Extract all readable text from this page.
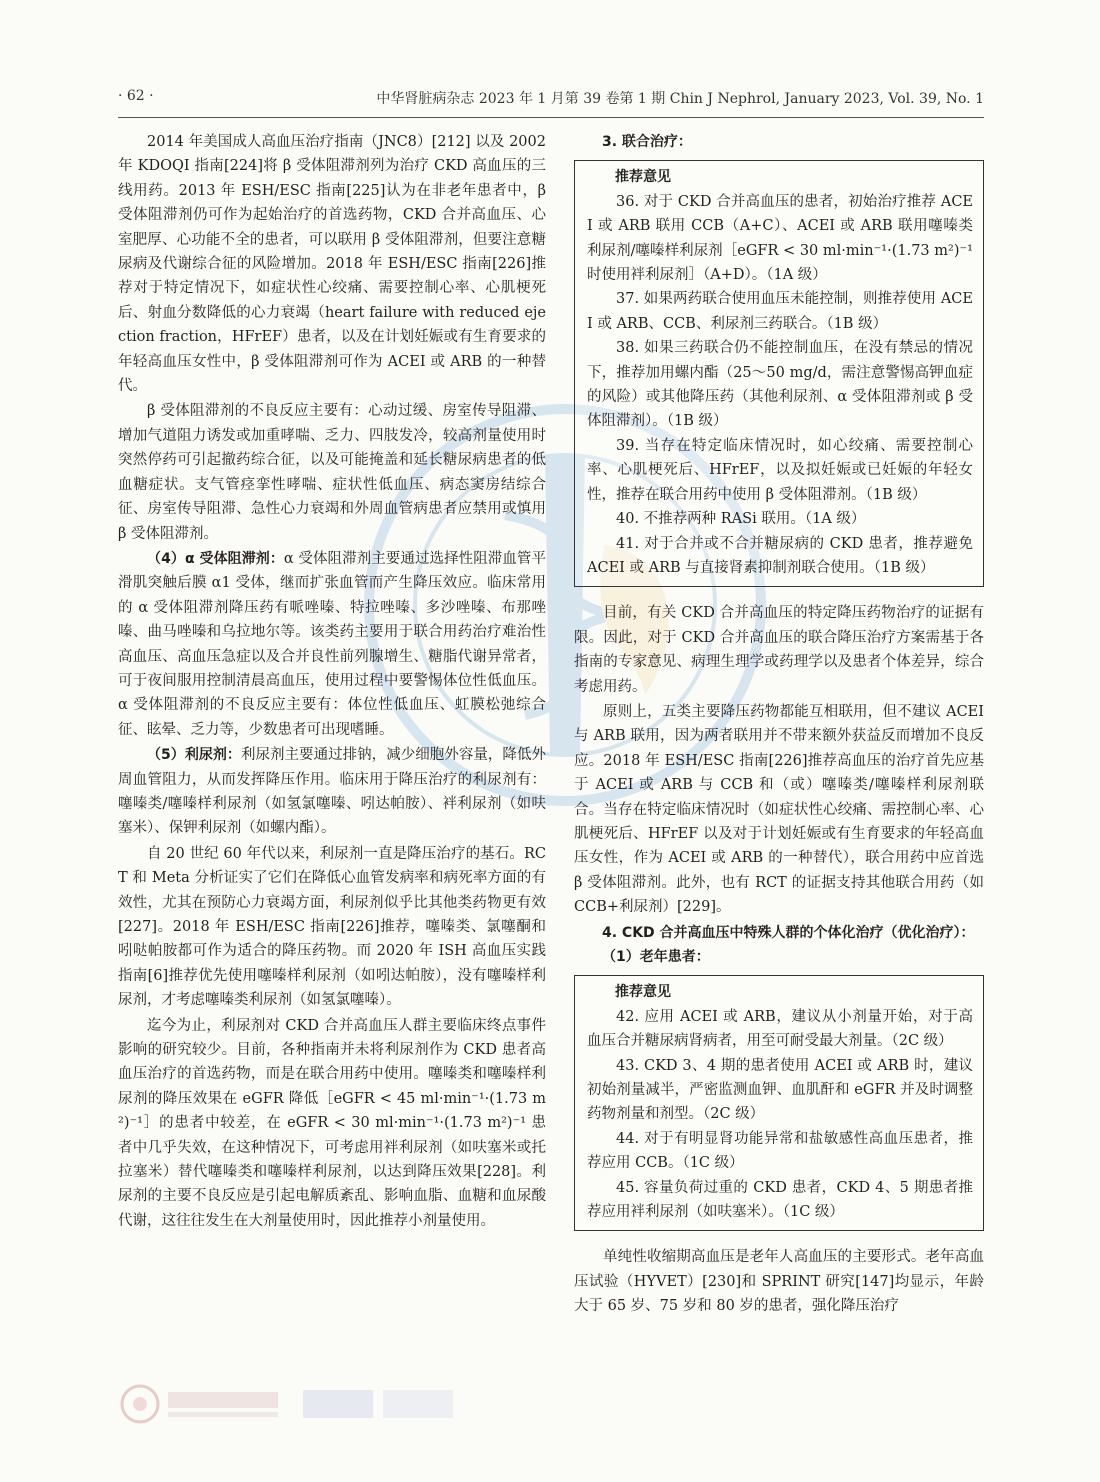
· 62 ·	中华肾脏病杂志 2023 年 1 月第 39 卷第 1 期 Chin J Nephrol, January 2023, Vol. 39, No. 1

2014 年美国成人高血压治疗指南（JNC8）[212] 以及 2002 年 KDOQI 指南[224]将 β 受体阻滞剂列为治疗 CKD 高血压的三线用药。2013 年 ESH/ESC 指南[225]认为在非老年患者中，β 受体阻滞剂仍可作为起始治疗的首选药物，CKD 合并高血压、心室肥厚、心功能不全的患者，可以联用 β 受体阻滞剂，但要注意糖尿病及代谢综合征的风险增加。2018 年 ESH/ESC 指南[226]推荐对于特定情况下，如症状性心绞痛、需要控制心率、心肌梗死后、射血分数降低的心力衰竭（heart failure with reduced ejection fraction，HFrEF）患者，以及在计划妊娠或有生育要求的年轻高血压女性中，β 受体阻滞剂可作为 ACEI 或 ARB 的一种替代。

β 受体阻滞剂的不良反应主要有：心动过缓、房室传导阻滞、增加气道阻力诱发或加重哮喘、乏力、四肢发冷，较高剂量使用时突然停药可引起撤药综合征，以及可能掩盖和延长糖尿病患者的低血糖症状。支气管痉挛性哮喘、症状性低血压、病态窦房结综合征、房室传导阻滞、急性心力衰竭和外周血管病患者应禁用或慎用 β 受体阻滞剂。

（4）α 受体阻滞剂：α 受体阻滞剂主要通过选择性阻滞血管平滑肌突触后膜 α1 受体，继而扩张血管而产生降压效应。临床常用的 α 受体阻滞剂降压药有哌唑嗪、特拉唑嗪、多沙唑嗪、布那唑嗪、曲马唑嗪和乌拉地尔等。该类药主要用于联合用药治疗难治性高血压、高血压急症以及合并良性前列腺增生、糖脂代谢异常者，可于夜间服用控制清晨高血压，使用过程中要警惕体位性低血压。α 受体阻滞剂的不良反应主要有：体位性低血压、虹膜松弛综合征、眩晕、乏力等，少数患者可出现嗜睡。

（5）利尿剂：利尿剂主要通过排钠，减少细胞外容量，降低外周血管阻力，从而发挥降压作用。临床用于降压治疗的利尿剂有：噻嗪类/噻嗪样利尿剂（如氢氯噻嗪、吲达帕胺）、袢利尿剂（如呋塞米）、保钾利尿剂（如螺内酯）。

自 20 世纪 60 年代以来，利尿剂一直是降压治疗的基石。RCT 和 Meta 分析证实了它们在降低心血管发病率和病死率方面的有效性，尤其在预防心力衰竭方面，利尿剂似乎比其他类药物更有效[227]。2018 年 ESH/ESC 指南[226]推荐，噻嗪类、氯噻酮和吲哒帕胺都可作为适合的降压药物。而 2020 年 ISH 高血压实践指南[6]推荐优先使用噻嗪样利尿剂（如吲达帕胺），没有噻嗪样利尿剂，才考虑噻嗪类利尿剂（如氢氯噻嗪）。

迄今为止，利尿剂对 CKD 合并高血压人群主要临床终点事件影响的研究较少。目前，各种指南并未将利尿剂作为 CKD 患者高血压治疗的首选药物，而是在联合用药中使用。噻嗪类和噻嗪样利尿剂的降压效果在 eGFR 降低［eGFR < 45 ml·min⁻¹·(1.73 m²)⁻¹］的患者中较差，在 eGFR < 30 ml·min⁻¹·(1.73 m²)⁻¹ 患者中几乎失效，在这种情况下，可考虑用袢利尿剂（如呋塞米或托拉塞米）替代噻嗪类和噻嗪样利尿剂，以达到降压效果[228]。利尿剂的主要不良反应是引起电解质紊乱、影响血脂、血糖和血尿酸代谢，这往往发生在大剂量使用时，因此推荐小剂量使用。

3. 联合治疗：
推荐意见

36. 对于 CKD 合并高血压的患者，初始治疗推荐 ACEI 或 ARB 联用 CCB（A+C）、ACEI 或 ARB 联用噻嗪类利尿剂/噻嗪样利尿剂［eGFR < 30 ml·min⁻¹·(1.73 m²)⁻¹ 时使用袢利尿剂］（A+D）。（1A 级）

37. 如果两药联合使用血压未能控制，则推荐使用 ACEI 或 ARB、CCB、利尿剂三药联合。（1B 级）

38. 如果三药联合仍不能控制血压，在没有禁忌的情况下，推荐加用螺内酯（25～50 mg/d，需注意警惕高钾血症的风险）或其他降压药（其他利尿剂、α 受体阻滞剂或 β 受体阻滞剂）。（1B 级）

39. 当存在特定临床情况时，如心绞痛、需要控制心率、心肌梗死后、HFrEF，以及拟妊娠或已妊娠的年轻女性，推荐在联合用药中使用 β 受体阻滞剂。（1B 级）

40. 不推荐两种 RASi 联用。（1A 级）

41. 对于合并或不合并糖尿病的 CKD 患者，推荐避免 ACEI 或 ARB 与直接肾素抑制剂联合使用。（1B 级）

目前，有关 CKD 合并高血压的特定降压药物治疗的证据有限。因此，对于 CKD 合并高血压的联合降压治疗方案需基于各指南的专家意见、病理生理学或药理学以及患者个体差异，综合考虑用药。

原则上，五类主要降压药物都能互相联用，但不建议 ACEI 与 ARB 联用，因为两者联用并不带来额外获益反而增加不良反应。2018 年 ESH/ESC 指南[226]推荐高血压的治疗首先应基于 ACEI 或 ARB 与 CCB 和（或）噻嗪类/噻嗪样利尿剂联合。当存在特定临床情况时（如症状性心绞痛、需控制心率、心肌梗死后、HFrEF 以及对于计划妊娠或有生育要求的年轻高血压女性，作为 ACEI 或 ARB 的一种替代），联合用药中应首选 β 受体阻滞剂。此外，也有 RCT 的证据支持其他联合用药（如 CCB+利尿剂）[229]。

4. CKD 合并高血压中特殊人群的个体化治疗（优化治疗）：
（1）老年患者：
推荐意见

42. 应用 ACEI 或 ARB，建议从小剂量开始，对于高血压合并糖尿病肾病者，用至可耐受最大剂量。（2C 级）

43. CKD 3、4 期的患者使用 ACEI 或 ARB 时，建议初始剂量减半，严密监测血钾、血肌酐和 eGFR 并及时调整药物剂量和剂型。（2C 级）

44. 对于有明显肾功能异常和盐敏感性高血压患者，推荐应用 CCB。（1C 级）

45. 容量负荷过重的 CKD 患者，CKD 4、5 期患者推荐应用袢利尿剂（如呋塞米）。（1C 级）

单纯性收缩期高血压是老年人高血压的主要形式。老年高血压试验（HYVET）[230]和 SPRINT 研究[147]均显示，年龄大于 65 岁、75 岁和 80 岁的患者，强化降压治疗
